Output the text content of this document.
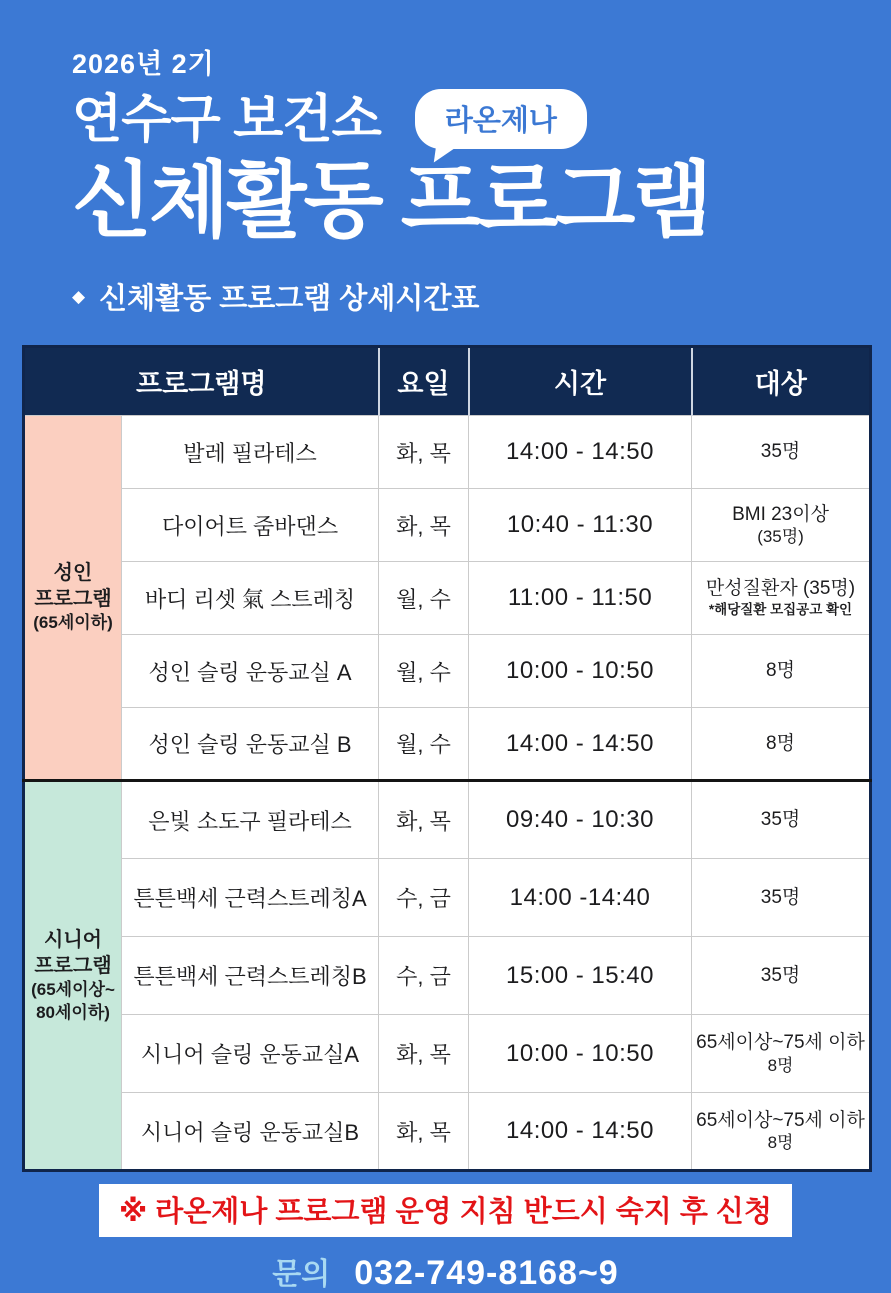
2026년 2기
연수구 보건소	라온제나
신체활동 프로그램
◆ 신체활동 프로그램 상세시간표
프로그램명		요일	시간	대상

성인
프로그램
(65세이하)	발레 필라테스	화, 목	14:00 - 14:50	35명

	다이어트 줌바댄스	화, 목	10:40 - 11:30	BMI 23이상
(35명)

	바디 리셋 氣 스트레칭	월, 수	11:00 - 11:50	만성질환자 (35명)
*해당질환 모집공고 확인

	성인 슬링 운동교실 A	월, 수	10:00 - 10:50	8명

	성인 슬링 운동교실 B	월, 수	14:00 - 14:50	8명

시니어
프로그램
(65세이상~
80세이하)	은빛 소도구 필라테스	화, 목	09:40 - 10:30	35명

	튼튼백세 근력스트레칭A	수, 금	14:00 -14:40	35명

	튼튼백세 근력스트레칭B	수, 금	15:00 - 15:40	35명

	시니어 슬링 운동교실A	화, 목	10:00 - 10:50	65세이상~75세 이하
8명

	시니어 슬링 운동교실B	화, 목	14:00 - 14:50	65세이상~75세 이하
8명
※ 라온제나 프로그램 운영 지침 반드시 숙지 후 신청
문의 032-749-8168~9
